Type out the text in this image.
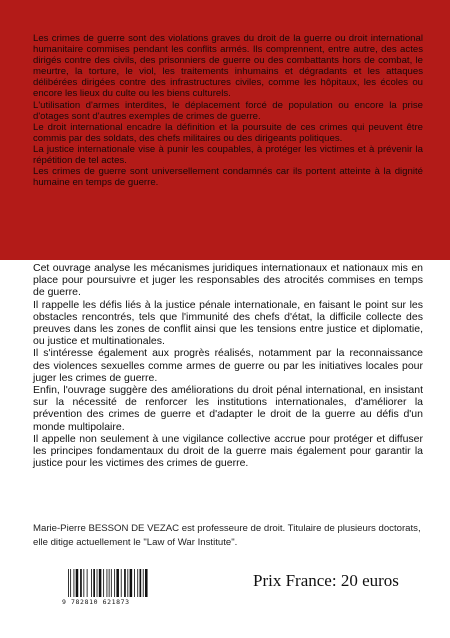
Les crimes de guerre sont des violations graves du droit de la guerre ou droit international humanitaire commises pendant les conflits armés. Ils comprennent, entre autre, des actes dirigés contre des civils, des prisonniers de guerre ou des combattants hors de combat, le meurtre, la torture, le viol, les traitements inhumains et dégradants et les attaques délibérées dirigées contre des infrastructures civiles, comme les hôpitaux, les écoles ou encore les lieux du culte ou les biens culturels.

L'utilisation d'armes interdites, le déplacement forcé de population ou encore la prise d'otages sont d'autres exemples de crimes de guerre.

Le droit international encadre la définition et la poursuite de ces crimes qui peuvent être commis par des soldats, des chefs militaires ou des dirigeants politiques.

La justice internationale vise à punir les coupables, à protéger les victimes et à prévenir la répétition de tel actes.

Les crimes de guerre sont universellement condamnés car ils portent atteinte à la dignité humaine en temps de guerre.

Cet ouvrage analyse les mécanismes juridiques internationaux et nationaux mis en place pour poursuivre et juger les responsables des atrocités commises en temps de guerre.

Il rappelle les défis liés à la justice pénale internationale, en faisant le point sur les obstacles rencontrés, tels que l'immunité des chefs d'état, la difficile collecte des preuves dans les zones de conflit ainsi que les tensions entre justice et diplomatie, ou justice et multinationales.

Il s'intéresse également aux progrès réalisés, notamment par la reconnaissance des violences sexuelles comme armes de guerre ou par les initiatives locales pour juger les crimes de guerre.

Enfin, l'ouvrage suggère des améliorations du droit pénal international, en insistant sur la nécessité de renforcer les institutions internationales, d'améliorer la prévention des crimes de guerre et d'adapter le droit de la guerre au défis d'un monde multipolaire.

Il appelle non seulement à une vigilance collective accrue pour protéger et diffuser les principes fondamentaux du droit de la guerre mais également pour garantir la justice pour les victimes des crimes de guerre.

Marie-Pierre BESSON DE VEZAC est professeure de droit. Titulaire de plusieurs doctorats, elle ditige actuellement le "Law of War Institute".
9 782810 621873
Prix France: 20 euros
